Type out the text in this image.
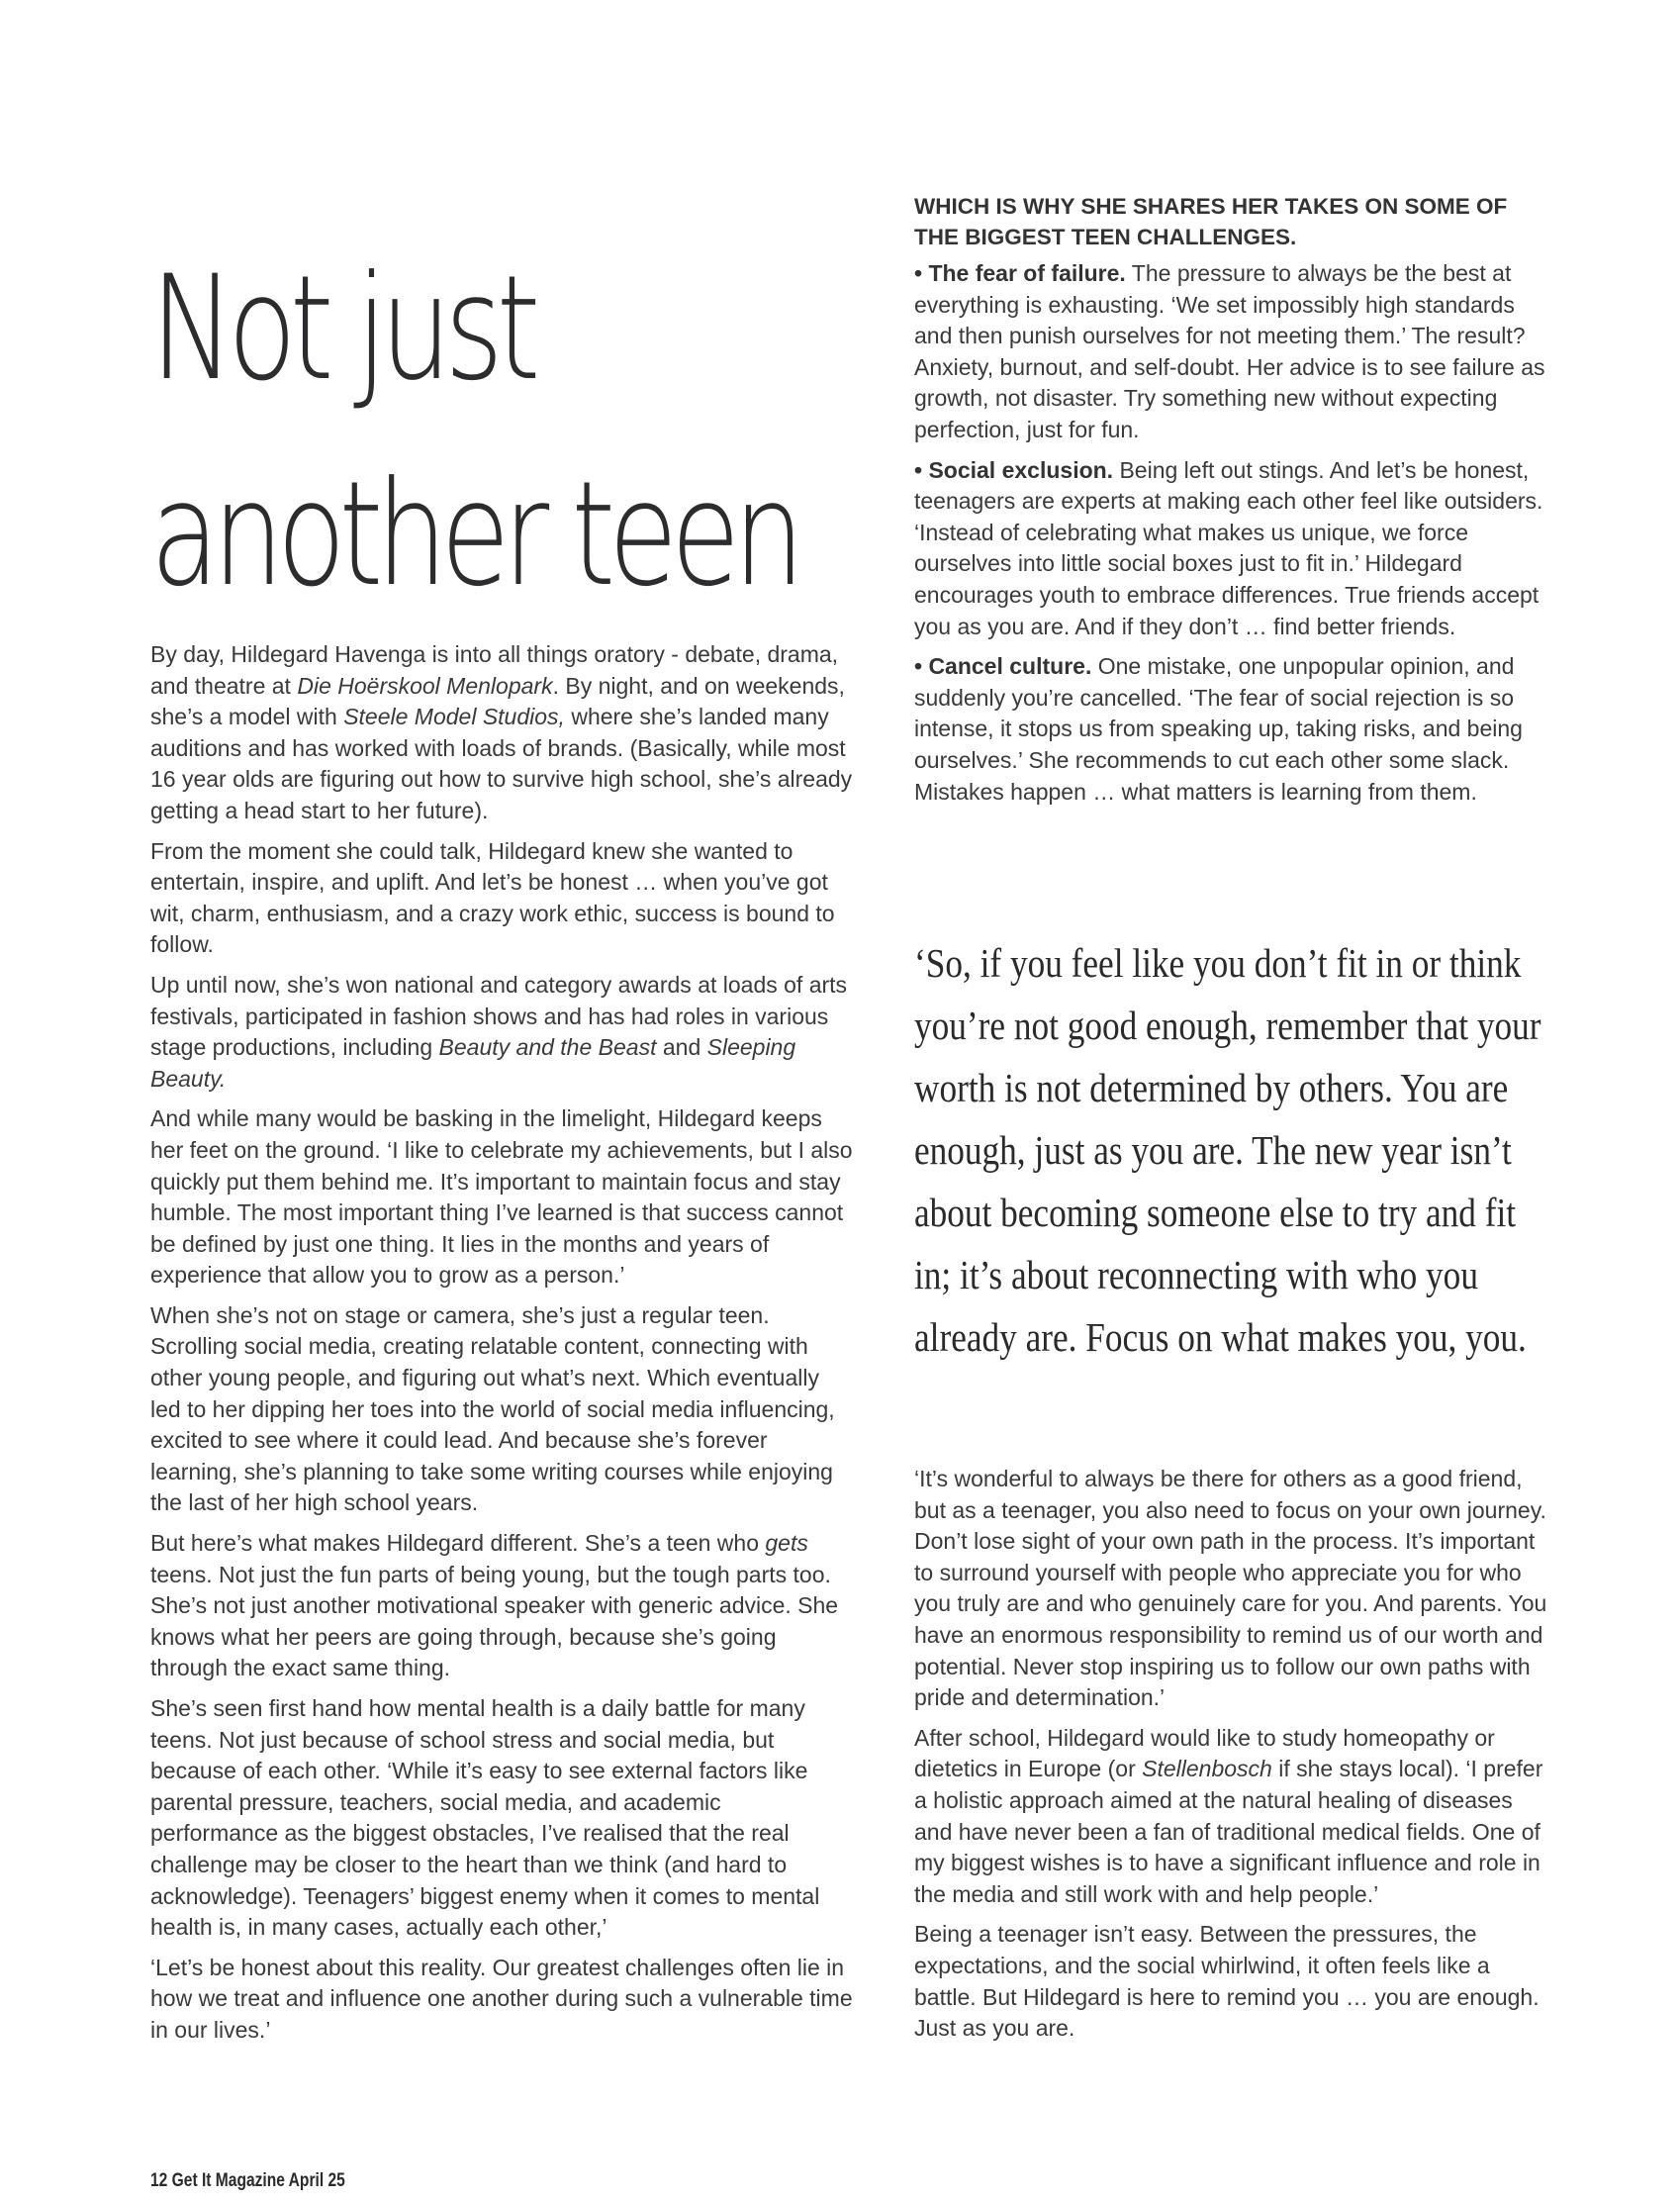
Not just
another teen

By day, Hildegard Havenga is into all things oratory - debate, drama, and theatre at Die Hoërskool Menlopark. By night, and on weekends, she’s a model with Steele Model Studios, where she’s landed many auditions and has worked with loads of brands. (Basically, while most 16 year olds are figuring out how to survive high school, she’s already getting a head start to her future).

From the moment she could talk, Hildegard knew she wanted to entertain, inspire, and uplift. And let’s be honest … when you’ve got wit, charm, enthusiasm, and a crazy work ethic, success is bound to follow.

Up until now, she’s won national and category awards at loads of arts festivals, participated in fashion shows and has had roles in various stage productions, including Beauty and the Beast and Sleeping Beauty.

And while many would be basking in the limelight, Hildegard keeps her feet on the ground. ‘I like to celebrate my achievements, but I also quickly put them behind me. It’s important to maintain focus and stay humble. The most important thing I’ve learned is that success cannot be defined by just one thing. It lies in the months and years of experience that allow you to grow as a person.’

When she’s not on stage or camera, she’s just a regular teen. Scrolling social media, creating relatable content, connecting with other young people, and figuring out what’s next. Which eventually led to her dipping her toes into the world of social media influencing, excited to see where it could lead. And because she’s forever learning, she’s planning to take some writing courses while enjoying the last of her high school years.

But here’s what makes Hildegard different. She’s a teen who gets teens. Not just the fun parts of being young, but the tough parts too. She’s not just another motivational speaker with generic advice. She knows what her peers are going through, because she’s going through the exact same thing.

She’s seen first hand how mental health is a daily battle for many teens. Not just because of school stress and social media, but because of each other. ‘While it’s easy to see external factors like parental pressure, teachers, social media, and academic performance as the biggest obstacles, I’ve realised that the real challenge may be closer to the heart than we think (and hard to acknowledge). Teenagers’ biggest enemy when it comes to mental health is, in many cases, actually each other,’

‘Let’s be honest about this reality. Our greatest challenges often lie in how we treat and influence one another during such a vulnerable time in our lives.’

WHICH IS WHY SHE SHARES HER TAKES ON SOME OF THE BIGGEST TEEN CHALLENGES.

• The fear of failure. The pressure to always be the best at everything is exhausting. ‘We set impossibly high standards and then punish ourselves for not meeting them.’ The result? Anxiety, burnout, and self-doubt. Her advice is to see failure as growth, not disaster. Try something new without expecting perfection, just for fun.

• Social exclusion. Being left out stings. And let’s be honest, teenagers are experts at making each other feel like outsiders. ‘Instead of celebrating what makes us unique, we force ourselves into little social boxes just to fit in.’ Hildegard encourages youth to embrace differences. True friends accept you as you are. And if they don’t … find better friends.

• Cancel culture. One mistake, one unpopular opinion, and suddenly you’re cancelled. ‘The fear of social rejection is so intense, it stops us from speaking up, taking risks, and being ourselves.’ She recommends to cut each other some slack. Mistakes happen … what matters is learning from them.

‘So, if you feel like you don’t fit in or think you’re not good enough, remember that your worth is not determined by others. You are enough, just as you are. The new year isn’t about becoming someone else to try and fit in; it’s about reconnecting with who you already are. Focus on what makes you, you.

‘It’s wonderful to always be there for others as a good friend, but as a teenager, you also need to focus on your own journey. Don’t lose sight of your own path in the process. It’s important to surround yourself with people who appreciate you for who you truly are and who genuinely care for you. And parents. You have an enormous responsibility to remind us of our worth and potential. Never stop inspiring us to follow our own paths with pride and determination.’

After school, Hildegard would like to study homeopathy or dietetics in Europe (or Stellenbosch if she stays local). ‘I prefer a holistic approach aimed at the natural healing of diseases and have never been a fan of traditional medical fields. One of my biggest wishes is to have a significant influence and role in the media and still work with and help people.’

Being a teenager isn’t easy. Between the pressures, the expectations, and the social whirlwind, it often feels like a battle. But Hildegard is here to remind you … you are enough. Just as you are.

12 Get It Magazine April 25
